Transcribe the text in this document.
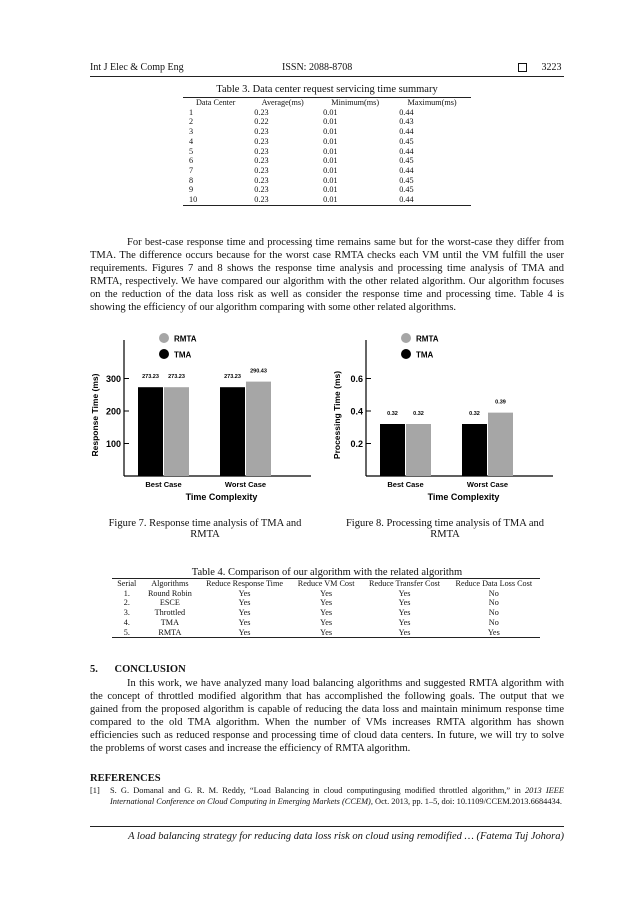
Int J Elec & Comp Eng	ISSN: 2088-8708	3223
Table 3. Data center request servicing time summary
Data Center	Average(ms)	Minimum(ms)	Maximum(ms)
1	0.23	0.01	0.44
2	0.22	0.01	0.43
3	0.23	0.01	0.44
4	0.23	0.01	0.45
5	0.23	0.01	0.44
6	0.23	0.01	0.45
7	0.23	0.01	0.44
8	0.23	0.01	0.45
9	0.23	0.01	0.45
10	0.23	0.01	0.44
For best-case response time and processing time remains same but for the worst-case they differ from TMA. The difference occurs because for the worst case RMTA checks each VM until the VM fulfill the user requirements. Figures 7 and 8 shows the response time analysis and processing time analysis of TMA and RMTA, respectively. We have compared our algorithm with the other related algorithm. Our algorithm focuses on the reduction of the data loss risk as well as consider the response time and processing time. Table 4 is showing the efficiency of our algorithm comparing with some other related algorithms.
100
200
300
Response Time (ms)	273.23 273.23
Best Case
273.23
290.43
Worst Case
Time Complexity
RMTA
TMA
0.2
0.4
0.6
Processing Time (ms)	0.32	0.32
Best Case
0.32
0.39
Worst Case
Time Complexity
RMTA
TMA
Figure 7. Response time analysis of TMA and RMTA
Figure 8. Processing time analysis of TMA and RMTA
Table 4. Comparison of our algorithm with the related algorithm
Serial	Algorithms	Reduce Response Time	Reduce VM Cost	Reduce Transfer Cost	Reduce Data Loss Cost
1.	Round Robin	Yes	Yes	Yes	No
2.	ESCE	Yes	Yes	Yes	No
3.	Throttled	Yes	Yes	Yes	No
4.	TMA	Yes	Yes	Yes	No
5.	RMTA	Yes	Yes	Yes	Yes
5. CONCLUSION
In this work, we have analyzed many load balancing algorithms and suggested RMTA algorithm with the concept of throttled modified algorithm that has accomplished the following goals. The output that we gained from the proposed algorithm is capable of reducing the data loss and maintain minimum response time compared to the old TMA algorithm. When the number of VMs increases RMTA algorithm has shown efficiencies such as reduced response and processing time of cloud data centers. In future, we will try to solve the problems of worst cases and increase the efficiency of RMTA algorithm.
REFERENCES
[1] S. G. Domanal and G. R. M. Reddy, “Load Balancing in cloud computingusing modified throttled algorithm,” in 2013 IEEE International Conference on Cloud Computing in Emerging Markets (CCEM), Oct. 2013, pp. 1–5, doi: 10.1109/CCEM.2013.6684434.
A load balancing strategy for reducing data loss risk on cloud using remodified … (Fatema Tuj Johora)
